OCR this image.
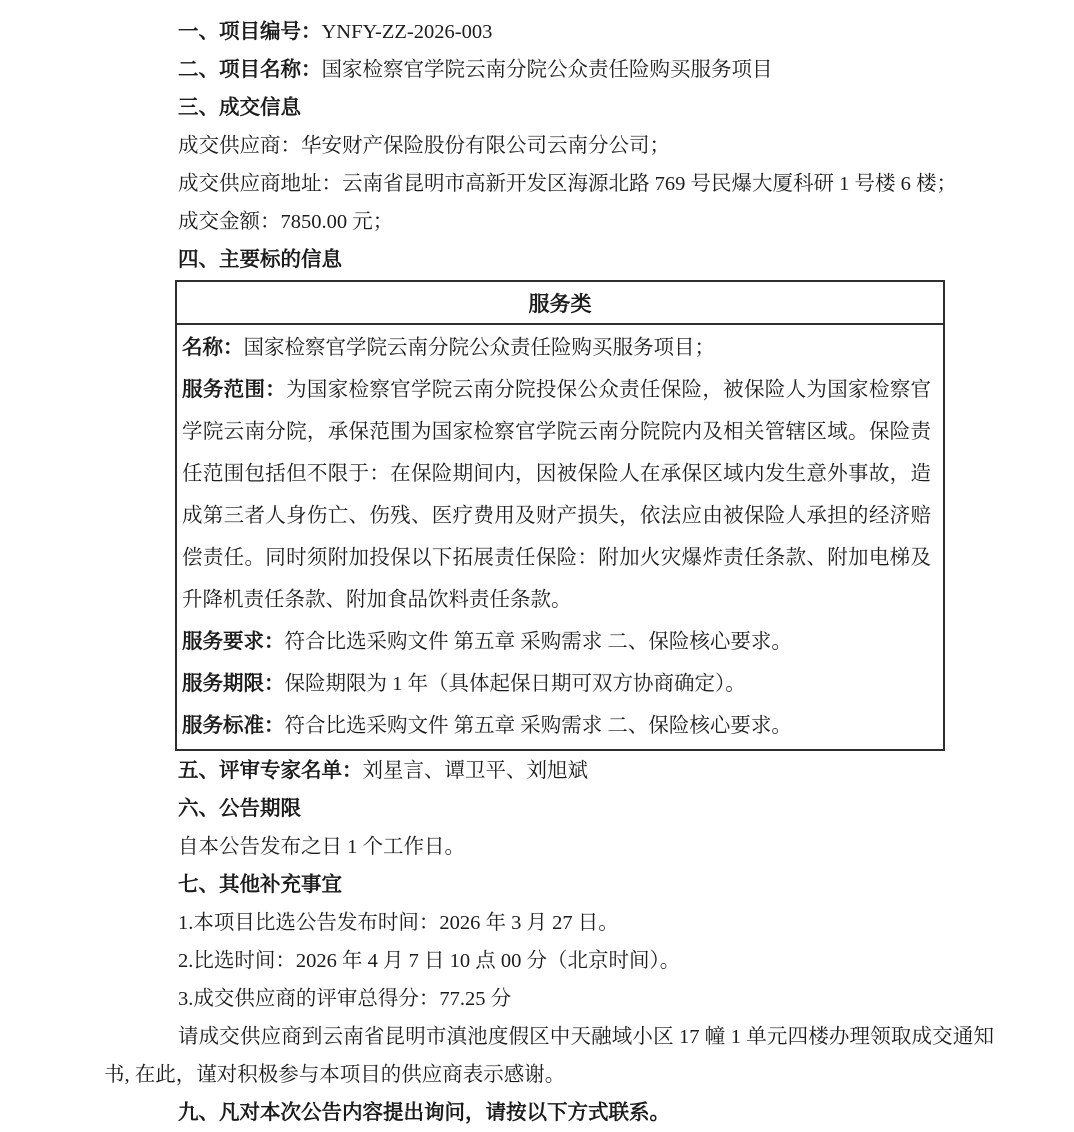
一、项目编号：YNFY-ZZ-2026-003

二、项目名称：国家检察官学院云南分院公众责任险购买服务项目

三、成交信息

成交供应商：华安财产保险股份有限公司云南分公司；

成交供应商地址：云南省昆明市高新开发区海源北路 769 号民爆大厦科研 1 号楼 6 楼；

成交金额：7850.00 元；

四、主要标的信息

服务类

名称：国家检察官学院云南分院公众责任险购买服务项目；

服务范围：为国家检察官学院云南分院投保公众责任保险，被保险人为国家检察官学院云南分院，承保范围为国家检察官学院云南分院院内及相关管辖区域。保险责任范围包括但不限于：在保险期间内，因被保险人在承保区域内发生意外事故，造成第三者人身伤亡、伤残、医疗费用及财产损失，依法应由被保险人承担的经济赔偿责任。同时须附加投保以下拓展责任保险：附加火灾爆炸责任条款、附加电梯及升降机责任条款、附加食品饮料责任条款。

服务要求：符合比选采购文件 第五章 采购需求 二、保险核心要求。

服务期限：保险期限为 1 年（具体起保日期可双方协商确定）。

服务标准：符合比选采购文件 第五章 采购需求 二、保险核心要求。

五、评审专家名单：刘星言、谭卫平、刘旭斌

六、公告期限

自本公告发布之日 1 个工作日。

七、其他补充事宜

1.本项目比选公告发布时间：2026 年 3 月 27 日。

2.比选时间：2026 年 4 月 7 日 10 点 00 分（北京时间）。

3.成交供应商的评审总得分：77.25 分

请成交供应商到云南省昆明市滇池度假区中天融域小区 17 幢 1 单元四楼办理领取成交通知书, 在此，谨对积极参与本项目的供应商表示感谢。

九、凡对本次公告内容提出询问，请按以下方式联系。
